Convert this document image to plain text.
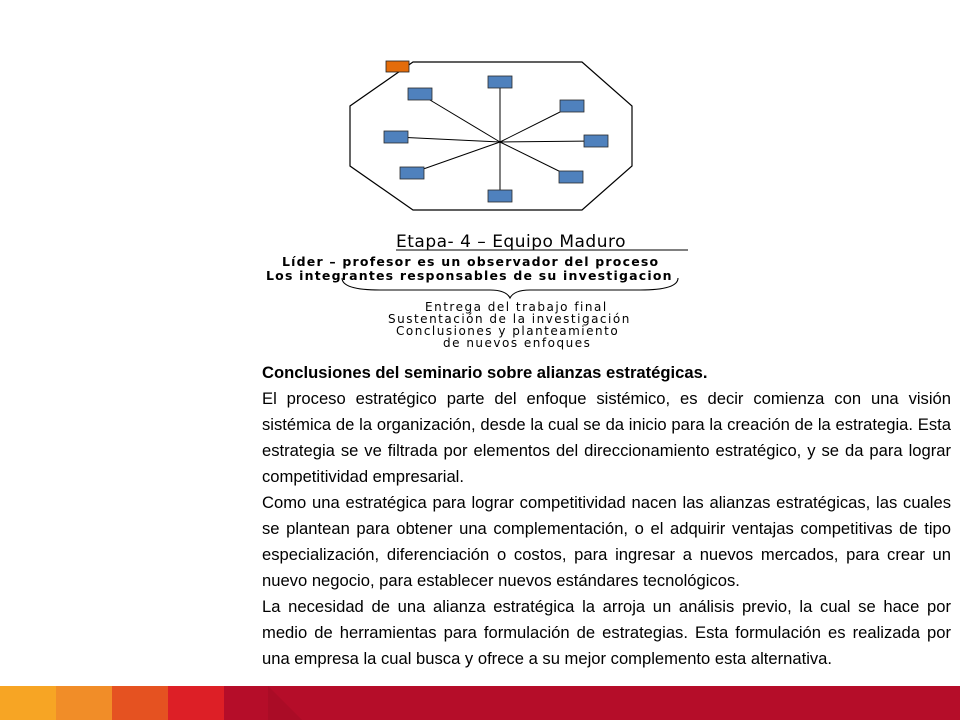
Etapa- 4 – Equipo Maduro
Líder – profesor es un observador del proceso
Los integrantes responsables de su investigacion
Entrega del trabajo final
Sustentación de la investigación
Conclusiones y planteamiento
de nuevos enfoques
Conclusiones del seminario sobre alianzas estratégicas.

El proceso estratégico parte del enfoque sistémico, es decir comienza con una visión sistémica de la organización, desde la cual se da inicio para la creación de la estrategia. Esta estrategia se ve filtrada por elementos del direccionamiento estratégico, y se da para lograr competitividad empresarial.

Como una estratégica para lograr competitividad nacen las alianzas estratégicas, las cuales se plantean para obtener una complementación, o el adquirir ventajas competitivas de tipo especialización, diferenciación o costos, para ingresar a nuevos mercados, para crear un nuevo negocio, para establecer nuevos estándares tecnológicos.

La necesidad de una alianza estratégica la arroja un análisis previo, la cual se hace por medio de herramientas para formulación de estrategias. Esta formulación es realizada por una empresa la cual busca y ofrece a su mejor complemento esta alternativa.
